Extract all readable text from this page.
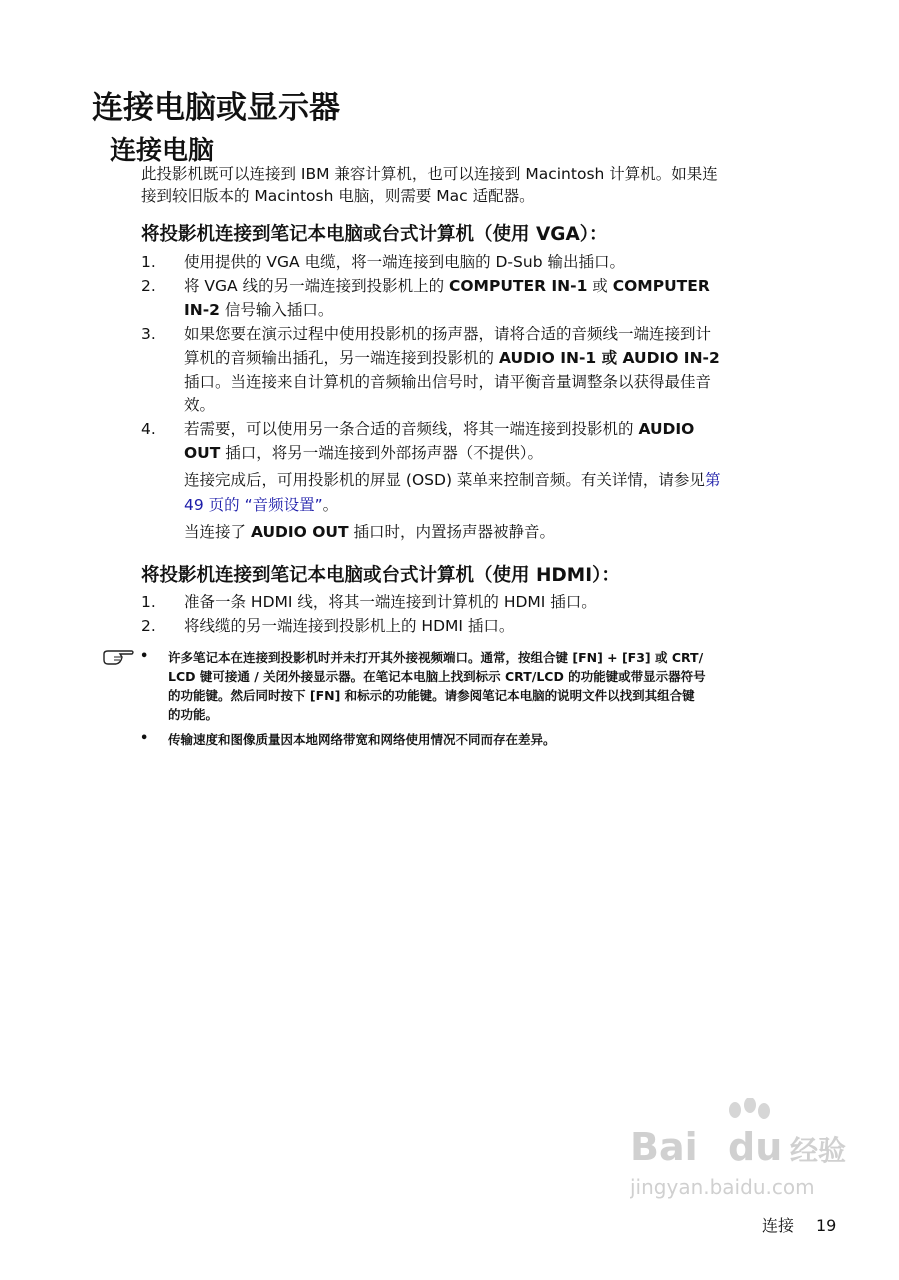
连接电脑或显示器
连接电脑
此投影机既可以连接到 IBM 兼容计算机，也可以连接到 Macintosh 计算机。如果连
接到较旧版本的 Macintosh 电脑，则需要 Mac 适配器。
将投影机连接到笔记本电脑或台式计算机（使用 VGA）：
1. 使用提供的 VGA 电缆，将一端连接到电脑的 D-Sub 输出插口。
2. 将 VGA 线的另一端连接到投影机上的 COMPUTER IN-1 或 COMPUTER
IN-2 信号输入插口。
3. 如果您要在演示过程中使用投影机的扬声器，请将合适的音频线一端连接到计
算机的音频输出插孔，另一端连接到投影机的 AUDIO IN-1 或 AUDIO IN-2
插口。当连接来自计算机的音频输出信号时，请平衡音量调整条以获得最佳音
效。
4. 若需要，可以使用另一条合适的音频线，将其一端连接到投影机的 AUDIO
OUT 插口，将另一端连接到外部扬声器（不提供）。
连接完成后，可用投影机的屏显 (OSD) 菜单来控制音频。有关详情，请参见第
49 页的 “音频设置”。
当连接了 AUDIO OUT 插口时，内置扬声器被静音。
将投影机连接到笔记本电脑或台式计算机（使用 HDMI）：
1. 准备一条 HDMI 线，将其一端连接到计算机的 HDMI 插口。
2. 将线缆的另一端连接到投影机上的 HDMI 插口。
• 许多笔记本在连接到投影机时并未打开其外接视频端口。通常，按组合键 [FN] + [F3] 或 CRT/
LCD 键可接通 / 关闭外接显示器。在笔记本电脑上找到标示 CRT/LCD 的功能键或带显示器符号
的功能键。然后同时按下 [FN] 和标示的功能键。请参阅笔记本电脑的说明文件以找到其组合键
的功能。
• 传输速度和图像质量因本地网络带宽和网络使用情况不同而存在差异。
Bai du 经验
jingyan.baidu.com
连接 19
